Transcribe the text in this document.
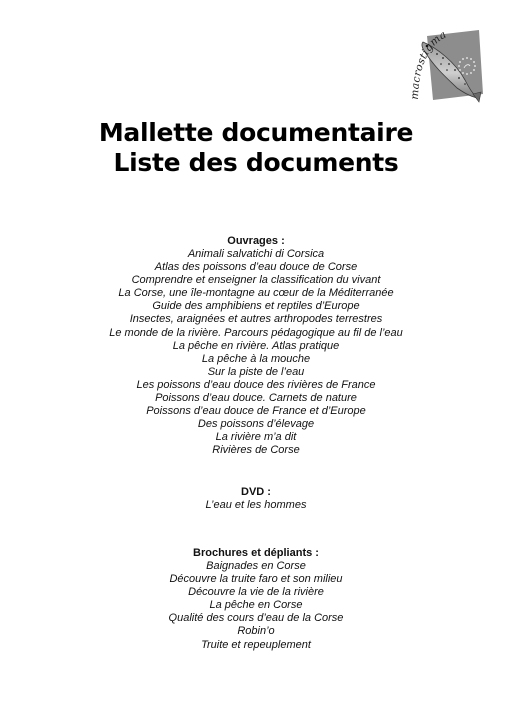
macrostigma
Mallette documentaire
Liste des documents
Ouvrages :
Animali salvatichi di Corsica
Atlas des poissons d’eau douce de Corse
Comprendre et enseigner la classification du vivant
La Corse, une île-montagne au cœur de la Méditerranée
Guide des amphibiens et reptiles d’Europe
Insectes, araignées et autres arthropodes terrestres
Le monde de la rivière. Parcours pédagogique au fil de l’eau
La pêche en rivière. Atlas pratique
La pêche à la mouche
Sur la piste de l’eau
Les poissons d’eau douce des rivières de France
Poissons d’eau douce. Carnets de nature
Poissons d’eau douce de France et d’Europe
Des poissons d’élevage
La rivière m’a dit
Rivières de Corse
DVD :
L’eau et les hommes
Brochures et dépliants :
Baignades en Corse
Découvre la truite faro et son milieu
Découvre la vie de la rivière
La pêche en Corse
Qualité des cours d’eau de la Corse
Robin’o
Truite et repeuplement
